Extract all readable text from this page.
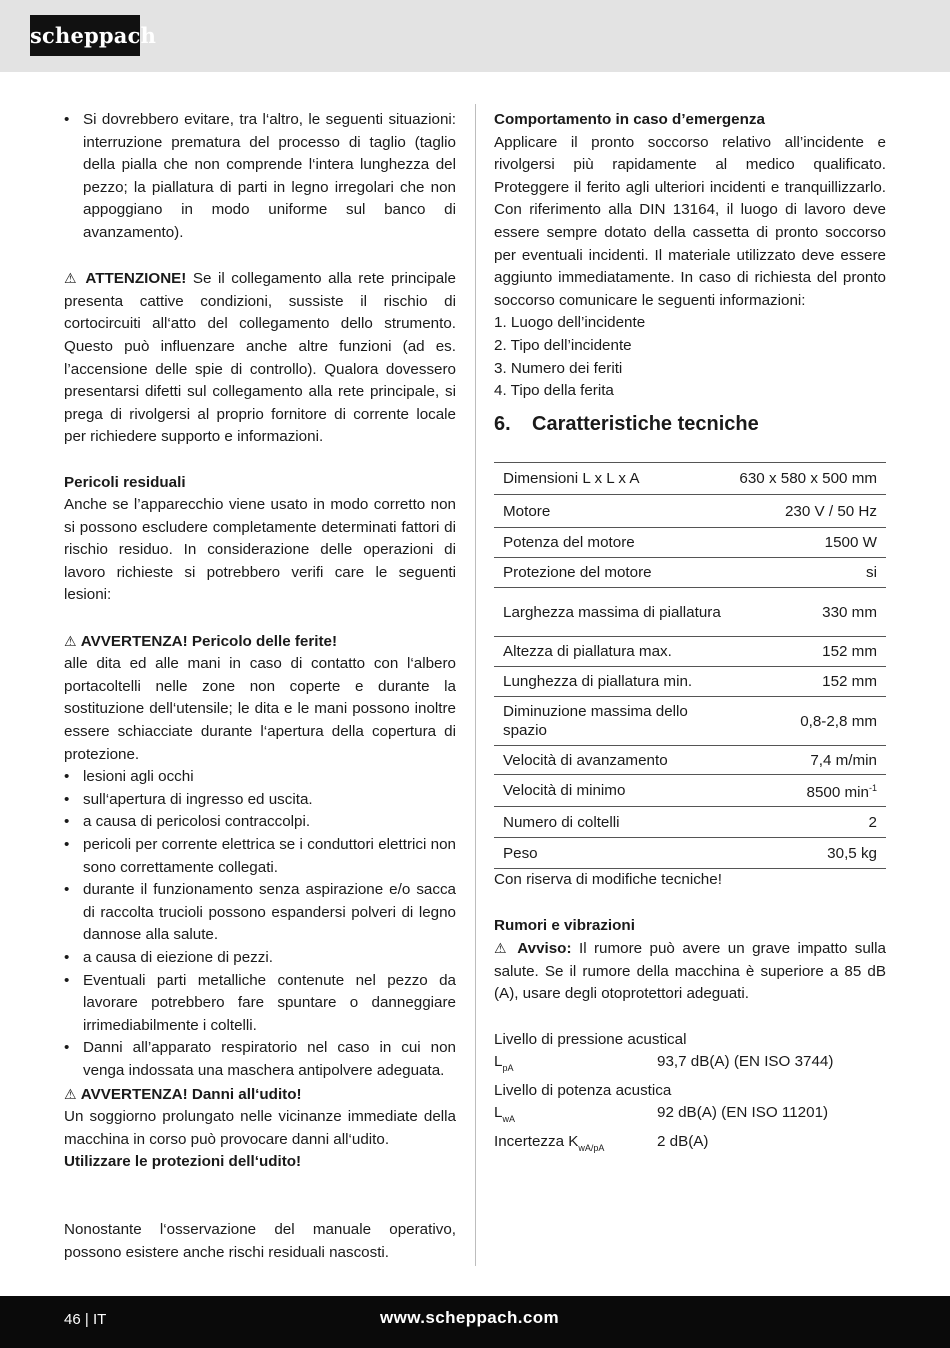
scheppach
• Si dovrebbero evitare, tra l‘altro, le seguenti situazioni: interruzione prematura del processo di taglio (taglio della pialla che non comprende l‘intera lunghezza del pezzo; la piallatura di parti in legno irregolari che non appoggiano in modo uniforme sul banco di avanzamento).

⚠ ATTENZIONE! Se il collegamento alla rete principale presenta cattive condizioni, sussiste il rischio di cortocircuiti all‘atto del collegamento dello strumento. Questo può influenzare anche altre funzioni (ad es. l’accensione delle spie di controllo). Qualora dovessero presentarsi difetti sul collegamento alla rete principale, si prega di rivolgersi al proprio fornitore di corrente locale per richiedere supporto e informazioni.

Pericoli residuali

Anche se l’apparecchio viene usato in modo corretto non si possono escludere completamente determinati fattori di rischio residuo. In considerazione delle operazioni di lavoro richieste si potrebbero verifi care le seguenti lesioni:

⚠ AVVERTENZA! Pericolo delle ferite!

alle dita ed alle mani in caso di contatto con l‘albero portacoltelli nelle zone non coperte e durante la sostituzione dell‘utensile; le dita e le mani possono inoltre essere schiacciate durante l‘apertura della copertura di protezione.

• lesioni agli occhi
• sull‘apertura di ingresso ed uscita.
• a causa di pericolosi contraccolpi.
• pericoli per corrente elettrica se i conduttori elettrici non sono correttamente collegati.
• durante il funzionamento senza aspirazione e/o sacca di raccolta trucioli possono espandersi polveri di legno dannose alla salute.
• a causa di eiezione di pezzi.
• Eventuali parti metalliche contenute nel pezzo da lavorare potrebbero fare spuntare o danneggiare irrimediabilmente i coltelli.
• Danni all’apparato respiratorio nel caso in cui non venga indossata una maschera antipolvere adeguata.

⚠ AVVERTENZA! Danni all‘udito!

Un soggiorno prolungato nelle vicinanze immediate della macchina in corso può provocare danni all‘udito.

Utilizzare le protezioni dell‘udito!

Nonostante l‘osservazione del manuale operativo, possono esistere anche rischi residuali nascosti.

Comportamento in caso d’emergenza

Applicare il pronto soccorso relativo all’incidente e rivolgersi più rapidamente al medico qualificato. Proteggere il ferito agli ulteriori incidenti e tranquillizzarlo. Con riferimento alla DIN 13164, il luogo di lavoro deve essere sempre dotato della cassetta di pronto soccorso per eventuali incidenti. Il materiale utilizzato deve essere aggiunto immediatamente. In caso di richiesta del pronto soccorso comunicare le seguenti informazioni:

1. Luogo dell’incidente

2. Tipo dell’incidente

3. Numero dei feriti

4. Tipo della ferita

6.	Caratteristiche tecniche
Dimensioni L x L x A	630 x 580 x 500 mm
Motore	230 V / 50 Hz
Potenza del motore	1500 W
Protezione del motore	si
Larghezza massima di piallatura	330 mm
Altezza di piallatura max.	152 mm
Lunghezza di piallatura min.	152 mm
Diminuzione massima dello spazio	0,8-2,8 mm
Velocità di avanzamento	7,4 m/min
Velocità di minimo	8500 $\min^{-1}$
Numero di coltelli	2
Peso	30,5 kg

Con riserva di modifiche tecniche!

Rumori e vibrazioni

⚠ Avviso: Il rumore può avere un grave impatto sulla salute. Se il rumore della macchina è superiore a 85 dB (A), usare degli otoprotettori adeguati.

Livello di pressione acustical

$L_{pA}$	93,7 dB(A) (EN ISO 3744)

Livello di potenza acustica

$L_{wA}$	92 dB(A) (EN ISO 11201)
Incertezza $K_{wA/pA}$	2 dB(A)
46 | IT	www.scheppach.com
